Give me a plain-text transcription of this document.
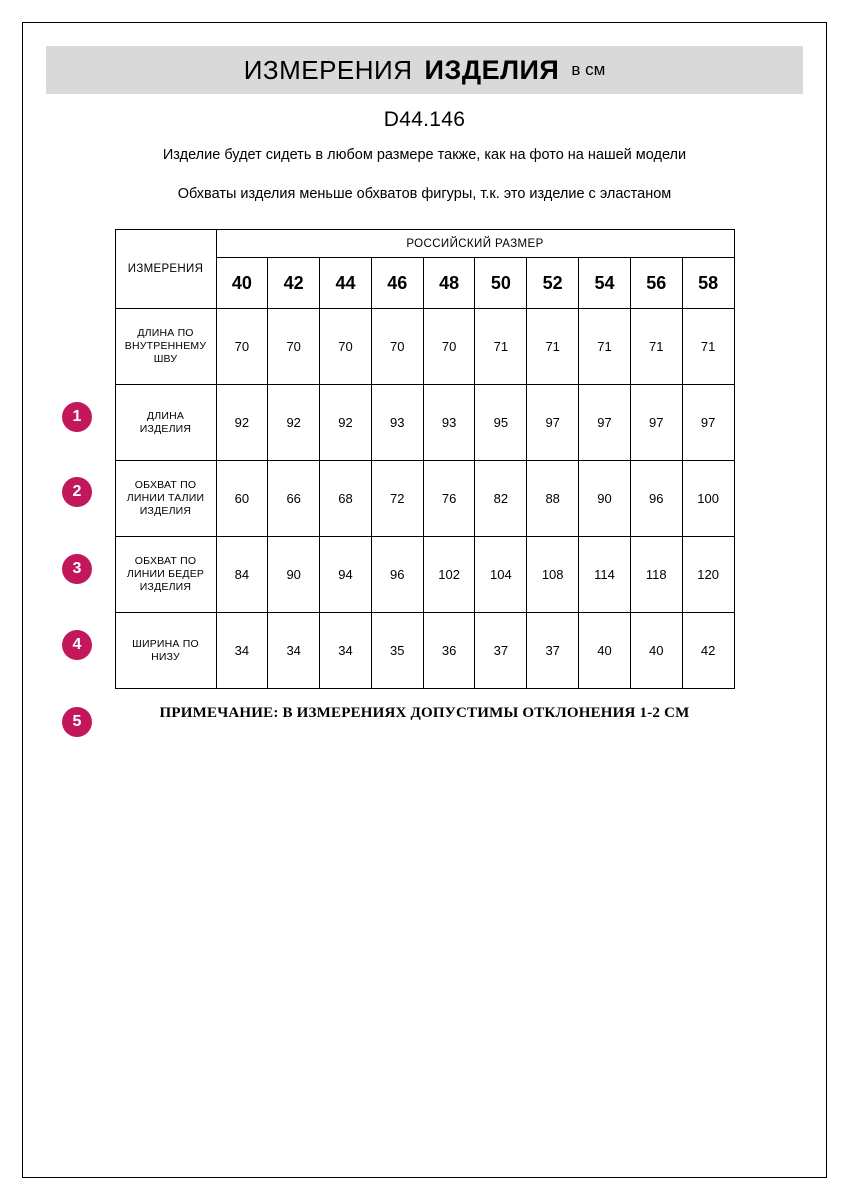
ИЗМЕРЕНИЯ ИЗДЕЛИЯ в см
D44.146
Изделие будет сидеть в любом размере также, как на фото на нашей модели
Обхваты изделия меньше обхватов фигуры, т.к. это изделие с эластаном
ИЗМЕРЕНИЯ	РОССИЙСКИЙ РАЗМЕР									
	40	42	44	46	48	50	52	54	56	58
ДЛИНА ПО ВНУТРЕННЕМУ ШВУ	70	70	70	70	70	71	71	71	71	71
ДЛИНА ИЗДЕЛИЯ	92	92	92	93	93	95	97	97	97	97
ОБХВАТ ПО ЛИНИИ ТАЛИИ ИЗДЕЛИЯ	60	66	68	72	76	82	88	90	96	100
ОБХВАТ ПО ЛИНИИ БЕДЕР ИЗДЕЛИЯ	84	90	94	96	102	104	108	114	118	120
ШИРИНА ПО НИЗУ	34	34	34	35	36	37	37	40	40	42
ПРИМЕЧАНИЕ: В ИЗМЕРЕНИЯХ ДОПУСТИМЫ ОТКЛОНЕНИЯ 1-2 СМ
1
2
3
4
5
